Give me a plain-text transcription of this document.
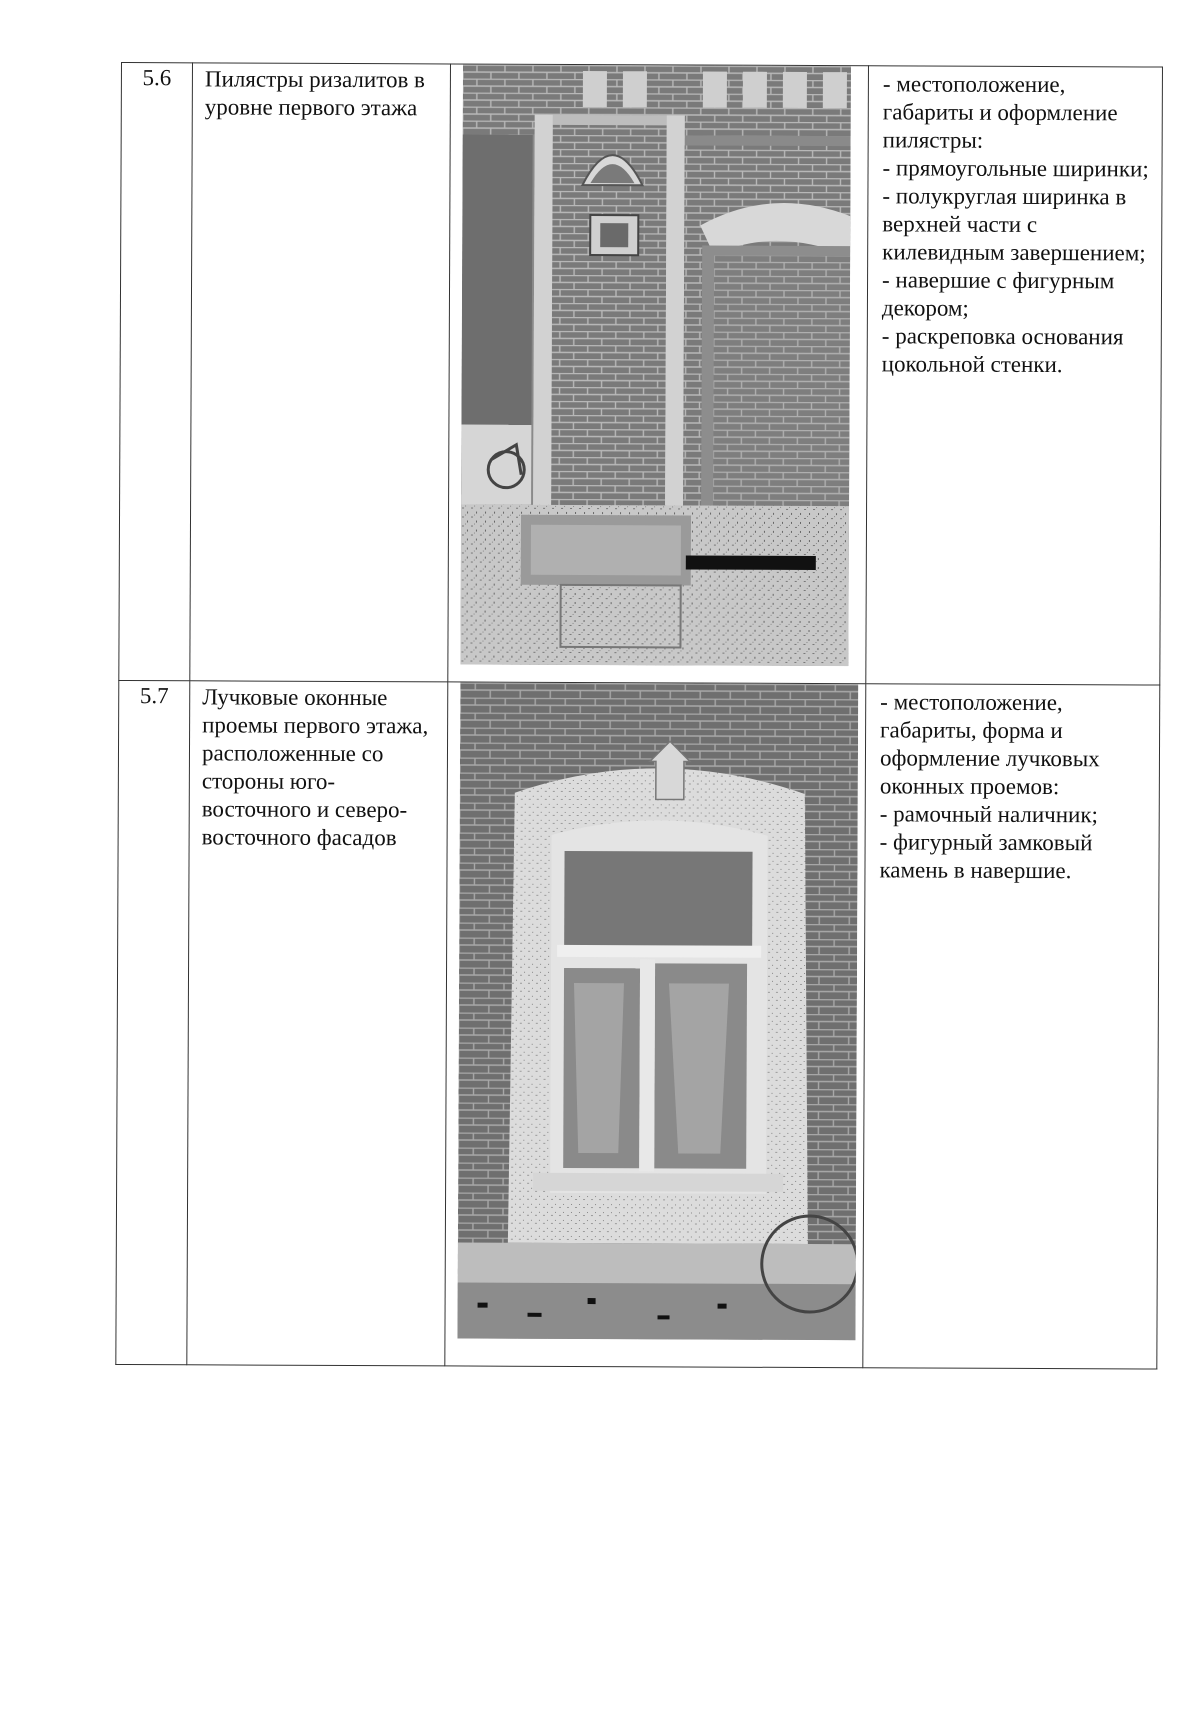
5.6	Пилястры ризалитов в уровне первого этажа		- местоположение, габариты и оформление пилястры:
- прямоугольные ширинки;
- полукруглая ширинка в верхней части с килевидным завершением;
- навершие с фигурным декором;
- раскреповка основания цокольной стенки.

5.7	Лучковые оконные проемы первого этажа, расположенные со стороны юго-восточного и северо-восточного фасадов		- местоположение, габариты, форма и оформление лучковых оконных проемов:
- рамочный наличник;
- фигурный замковый камень в навершие.
